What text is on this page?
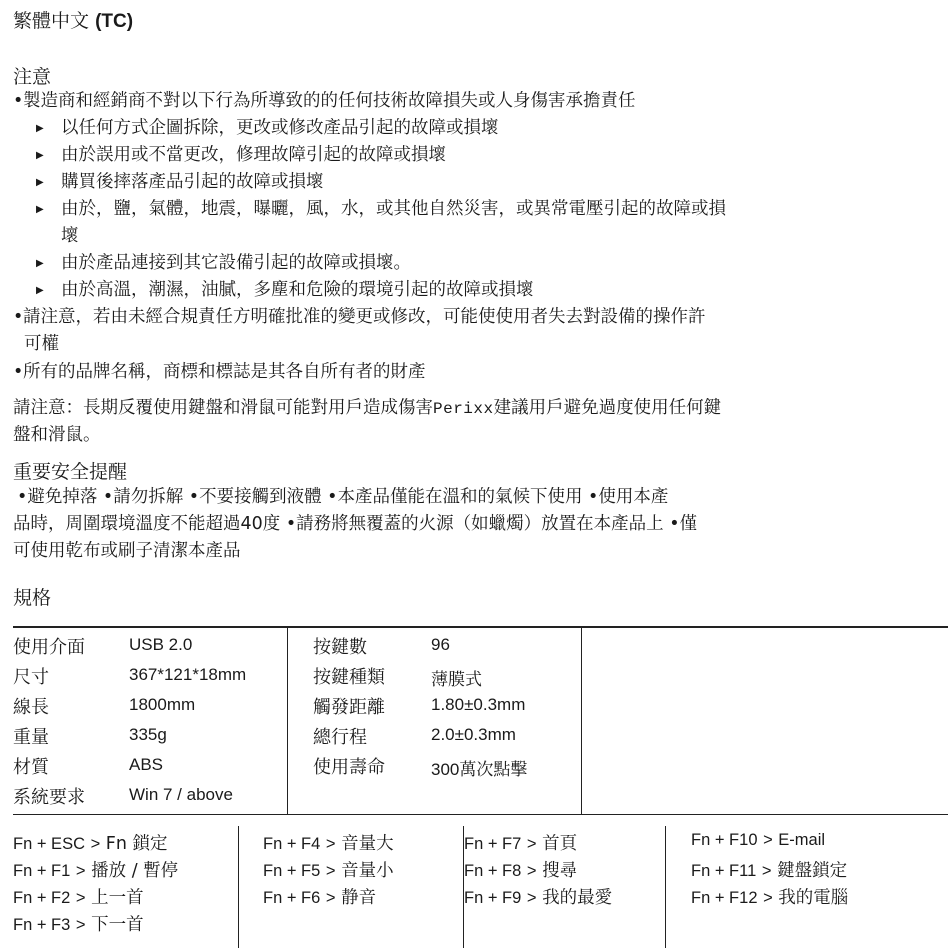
繁體中文 (TC)
注意
•製造商和經銷商不對以下行為所導致的的任何技術故障損失或人身傷害承擔責任
▶ 以任何方式企圖拆除，更改或修改產品引起的故障或損壞
▶ 由於誤用或不當更改，修理故障引起的故障或損壞
▶ 購買後摔落產品引起的故障或損壞
▶ 由於，鹽，氣體，地震，曝曬，風，水，或其他自然災害，或異常電壓引起的故障或損
壞
▶ 由於產品連接到其它設備引起的故障或損壞。
▶ 由於高溫，潮濕，油膩，多塵和危險的環境引起的故障或損壞
•請注意，若由未經合規責任方明確批准的變更或修改，可能使使用者失去對設備的操作許
可權
•所有的品牌名稱，商標和標誌是其各自所有者的財產
請注意：長期反覆使用鍵盤和滑鼠可能對用戶造成傷害Perixx建議用戶避免過度使用任何鍵
盤和滑鼠。
重要安全提醒
•避免掉落 •請勿拆解 •不要接觸到液體 •本產品僅能在溫和的氣候下使用 •使用本產
品時，周圍環境溫度不能超過40度 •請務將無覆蓋的火源（如蠟燭）放置在本產品上 •僅
可使用乾布或刷子清潔本產品
規格
使用介面	USB 2.0
尺寸	367*121*18mm
線長	1800mm
重量	335g
材質	ABS
系統要求	Win 7 / above
按鍵數	96
按鍵種類	薄膜式
觸發距離	1.80±0.3mm
總行程	2.0±0.3mm
使用壽命	300萬次點擊
Fn + ESC > Fn 鎖定
Fn + F1 > 播放 / 暫停
Fn + F2 > 上一首
Fn + F3 > 下一首
Fn + F4 > 音量大
Fn + F5 > 音量小
Fn + F6 > 静音
Fn + F7 > 首頁
Fn + F8 > 搜尋
Fn + F9 > 我的最愛
Fn + F10 > E-mail
Fn + F11 > 鍵盤鎖定
Fn + F12 > 我的電腦
